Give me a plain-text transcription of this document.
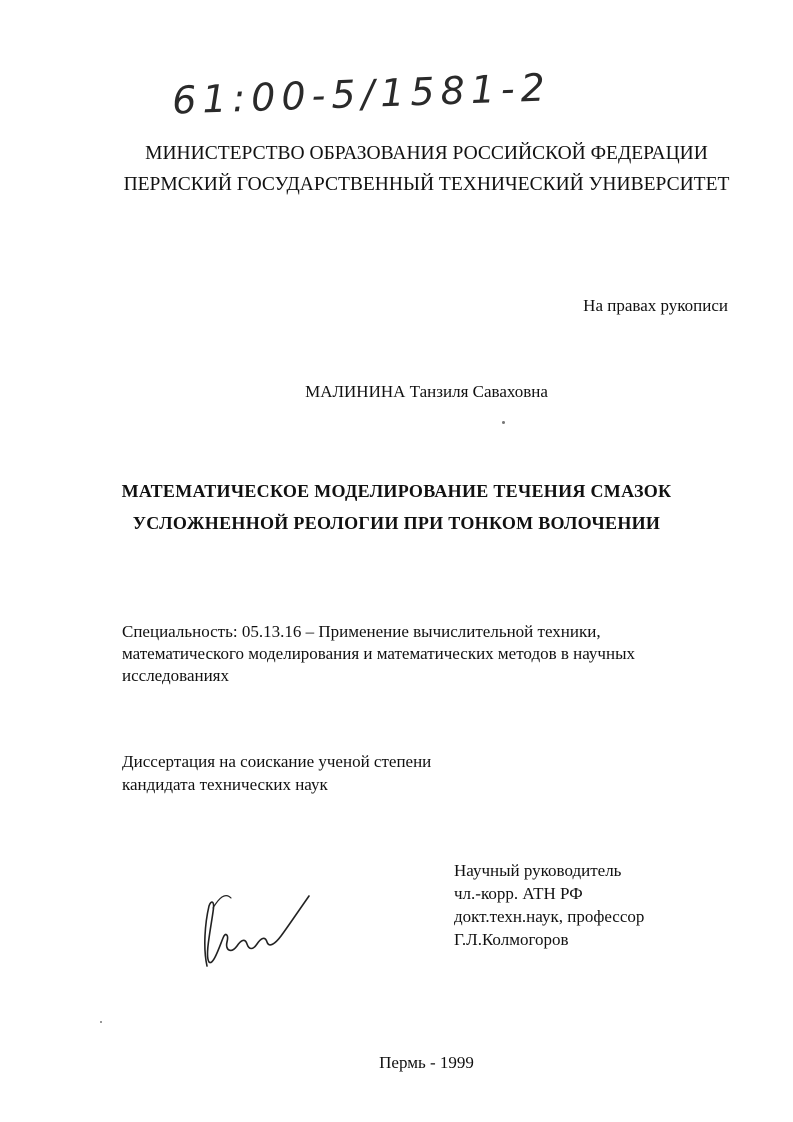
61:00-5/1581-2
МИНИСТЕРСТВО ОБРАЗОВАНИЯ РОССИЙСКОЙ ФЕДЕРАЦИИ
ПЕРМСКИЙ ГОСУДАРСТВЕННЫЙ ТЕХНИЧЕСКИЙ УНИВЕРСИТЕТ
На правах рукописи
МАЛИНИНА Танзиля Саваховна
МАТЕМАТИЧЕСКОЕ МОДЕЛИРОВАНИЕ ТЕЧЕНИЯ СМАЗОК
УСЛОЖНЕННОЙ РЕОЛОГИИ ПРИ ТОНКОМ ВОЛОЧЕНИИ
Специальность: 05.13.16 – Применение вычислительной техники,
математического моделирования и математических методов в научных
исследованиях
Диссертация на соискание ученой степени
кандидата технических наук
Научный руководитель
чл.-корр. АТН РФ
докт.техн.наук, профессор
Г.Л.Колмогоров
Пермь - 1999
